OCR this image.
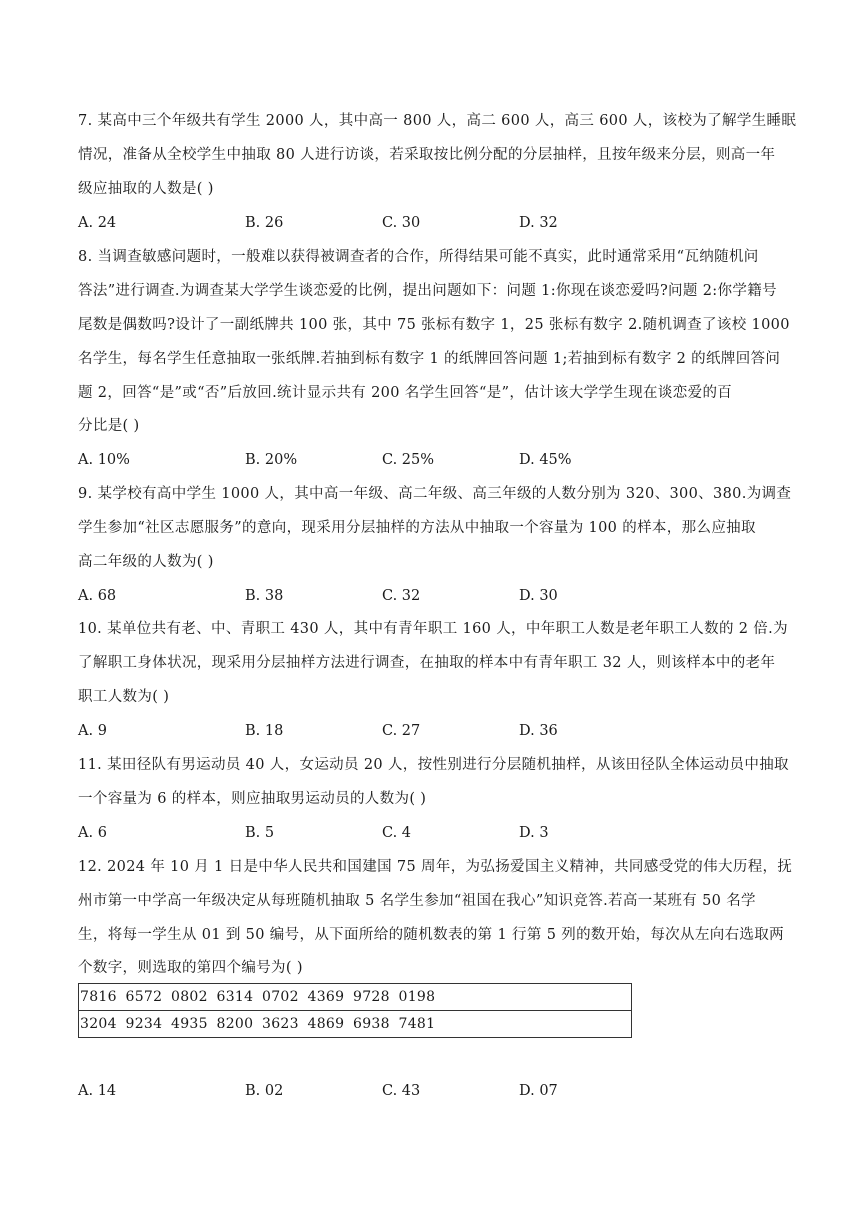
7. 某高中三个年级共有学生 2000 人，其中高一 800 人，高二 600 人，高三 600 人，该校为了解学生睡眠
情况，准备从全校学生中抽取 80 人进行访谈，若采取按比例分配的分层抽样，且按年级来分层，则高一年
级应抽取的人数是( )
A. 24	B. 26	C. 30	D. 32
8. 当调查敏感问题时，一般难以获得被调查者的合作，所得结果可能不真实，此时通常采用“瓦纳随机问
答法”进行调查.为调查某大学学生谈恋爱的比例，提出问题如下：问题 1:你现在谈恋爱吗?问题 2:你学籍号
尾数是偶数吗?设计了一副纸牌共 100 张，其中 75 张标有数字 1，25 张标有数字 2.随机调查了该校 1000
名学生，每名学生任意抽取一张纸牌.若抽到标有数字 1 的纸牌回答问题 1;若抽到标有数字 2 的纸牌回答问
题 2，回答“是”或“否”后放回.统计显示共有 200 名学生回答“是”，估计该大学学生现在谈恋爱的百
分比是( )
A. 10%	B. 20%	C. 25%	D. 45%
9. 某学校有高中学生 1000 人，其中高一年级、高二年级、高三年级的人数分别为 320、300、380.为调查
学生参加“社区志愿服务”的意向，现采用分层抽样的方法从中抽取一个容量为 100 的样本，那么应抽取
高二年级的人数为( )
A. 68	B. 38	C. 32	D. 30
10. 某单位共有老、中、青职工 430 人，其中有青年职工 160 人，中年职工人数是老年职工人数的 2 倍.为
了解职工身体状况，现采用分层抽样方法进行调查，在抽取的样本中有青年职工 32 人，则该样本中的老年
职工人数为( )
A. 9	B. 18	C. 27	D. 36
11. 某田径队有男运动员 40 人，女运动员 20 人，按性别进行分层随机抽样，从该田径队全体运动员中抽取
一个容量为 6 的样本，则应抽取男运动员的人数为( )
A. 6	B. 5	C. 4	D. 3
12. 2024 年 10 月 1 日是中华人民共和国建国 75 周年，为弘扬爱国主义精神，共同感受党的伟大历程，抚
州市第一中学高一年级决定从每班随机抽取 5 名学生参加“祖国在我心”知识竞答.若高一某班有 50 名学
生，将每一学生从 01 到 50 编号，从下面所给的随机数表的第 1 行第 5 列的数开始，每次从左向右选取两
个数字，则选取的第四个编号为( )
7816 6572 0802 6314 0702 4369 9728 0198
3204 9234 4935 8200 3623 4869 6938 7481
A. 14	B. 02	C. 43	D. 07
